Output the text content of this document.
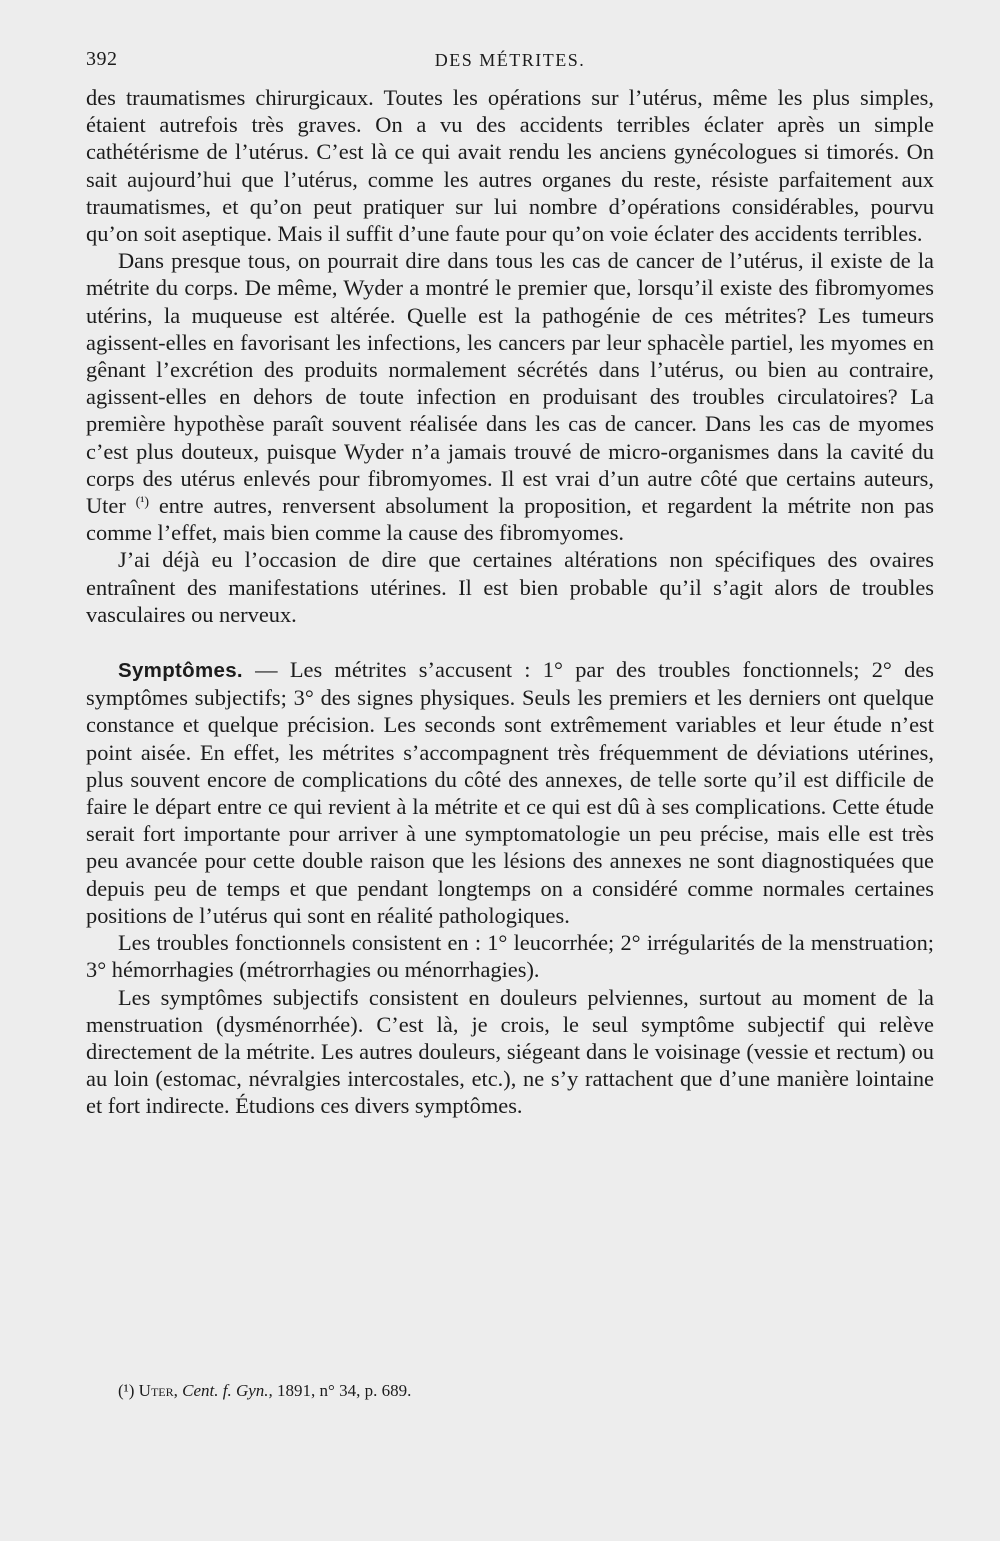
392	DES MÉTRITES.

des traumatismes chirurgicaux. Toutes les opérations sur l’utérus, même les plus simples, étaient autrefois très graves. On a vu des accidents terribles éclater après un simple cathétérisme de l’utérus. C’est là ce qui avait rendu les anciens gynécologues si timorés. On sait aujourd’hui que l’utérus, comme les autres organes du reste, résiste parfaitement aux traumatismes, et qu’on peut pratiquer sur lui nombre d’opérations considérables, pourvu qu’on soit aseptique. Mais il suffit d’une faute pour qu’on voie éclater des accidents terribles.

Dans presque tous, on pourrait dire dans tous les cas de cancer de l’utérus, il existe de la métrite du corps. De même, Wyder a montré le premier que, lorsqu’il existe des fibromyomes utérins, la muqueuse est altérée. Quelle est la pathogénie de ces métrites? Les tumeurs agissent-elles en favorisant les infections, les cancers par leur sphacèle partiel, les myomes en gênant l’excrétion des produits normalement sécrétés dans l’utérus, ou bien au contraire, agissent-elles en dehors de toute infection en produisant des troubles circulatoires? La première hypothèse paraît souvent réalisée dans les cas de cancer. Dans les cas de myomes c’est plus douteux, puisque Wyder n’a jamais trouvé de micro-organismes dans la cavité du corps des utérus enlevés pour fibromyomes. Il est vrai d’un autre côté que certains auteurs, Uter $^{(^1)}$ entre autres, renversent absolument la proposition, et regardent la métrite non pas comme l’effet, mais bien comme la cause des fibromyomes.

J’ai déjà eu l’occasion de dire que certaines altérations non spécifiques des ovaires entraînent des manifestations utérines. Il est bien probable qu’il s’agit alors de troubles vasculaires ou nerveux.

Symptômes. — Les métrites s’accusent : 1° par des troubles fonctionnels; 2° des symptômes subjectifs; 3° des signes physiques. Seuls les premiers et les derniers ont quelque constance et quelque précision. Les seconds sont extrêmement variables et leur étude n’est point aisée. En effet, les métrites s’accompagnent très fréquemment de déviations utérines, plus souvent encore de complications du côté des annexes, de telle sorte qu’il est difficile de faire le départ entre ce qui revient à la métrite et ce qui est dû à ses complications. Cette étude serait fort importante pour arriver à une symptomatologie un peu précise, mais elle est très peu avancée pour cette double raison que les lésions des annexes ne sont diagnostiquées que depuis peu de temps et que pendant longtemps on a considéré comme normales certaines positions de l’utérus qui sont en réalité pathologiques.

Les troubles fonctionnels consistent en : 1° leucorrhée; 2° irrégularités de la menstruation; 3° hémorrhagies (métrorrhagies ou ménorrhagies).

Les symptômes subjectifs consistent en douleurs pelviennes, surtout au moment de la menstruation (dysménorrhée). C’est là, je crois, le seul symptôme subjectif qui relève directement de la métrite. Les autres douleurs, siégeant dans le voisinage (vessie et rectum) ou au loin (estomac, névralgies intercostales, etc.), ne s’y rattachent que d’une manière lointaine et fort indirecte. Étudions ces divers symptômes.

(¹) Uter, Cent. f. Gyn., 1891, n° 34, p. 689.
